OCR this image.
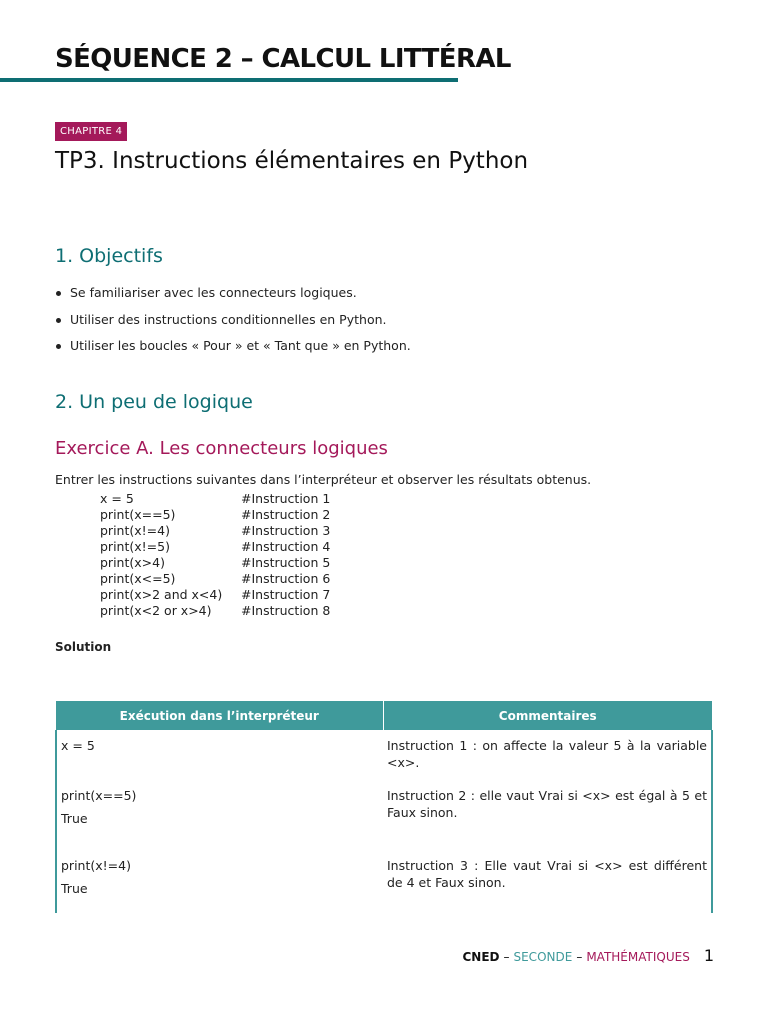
SÉQUENCE 2 – CALCUL LITTÉRAL
CHAPITRE 4
TP3. Instructions élémentaires en Python
1. Objectifs
Se familiariser avec les connecteurs logiques.
Utiliser des instructions conditionnelles en Python.
Utiliser les boucles « Pour » et « Tant que » en Python.
2. Un peu de logique
Exercice A. Les connecteurs logiques

Entrer les instructions suivantes dans l’interpréteur et observer les résultats obtenus.

x = 5	#Instruction 1
print(x==5)	#Instruction 2
print(x!=4)	#Instruction 3
print(x!=5)	#Instruction 4
print(x>4)	#Instruction 5
print(x<=5)	#Instruction 6
print(x>2 and x<4)	#Instruction 7
print(x<2 or x>4)	#Instruction 8
Solution
Exécution dans l’interpréteur	Commentaires

x = 5	Instruction 1 : on affecte la valeur 5 à la variable <x>.

print(x==5)
True	Instruction 2 : elle vaut Vrai si <x> est égal à 5 et Faux sinon.

print(x!=4)
True	Instruction 3 : Elle vaut Vrai si <x> est différent de 4 et Faux sinon.
CNED – SECONDE – MATHÉMATIQUES 1
